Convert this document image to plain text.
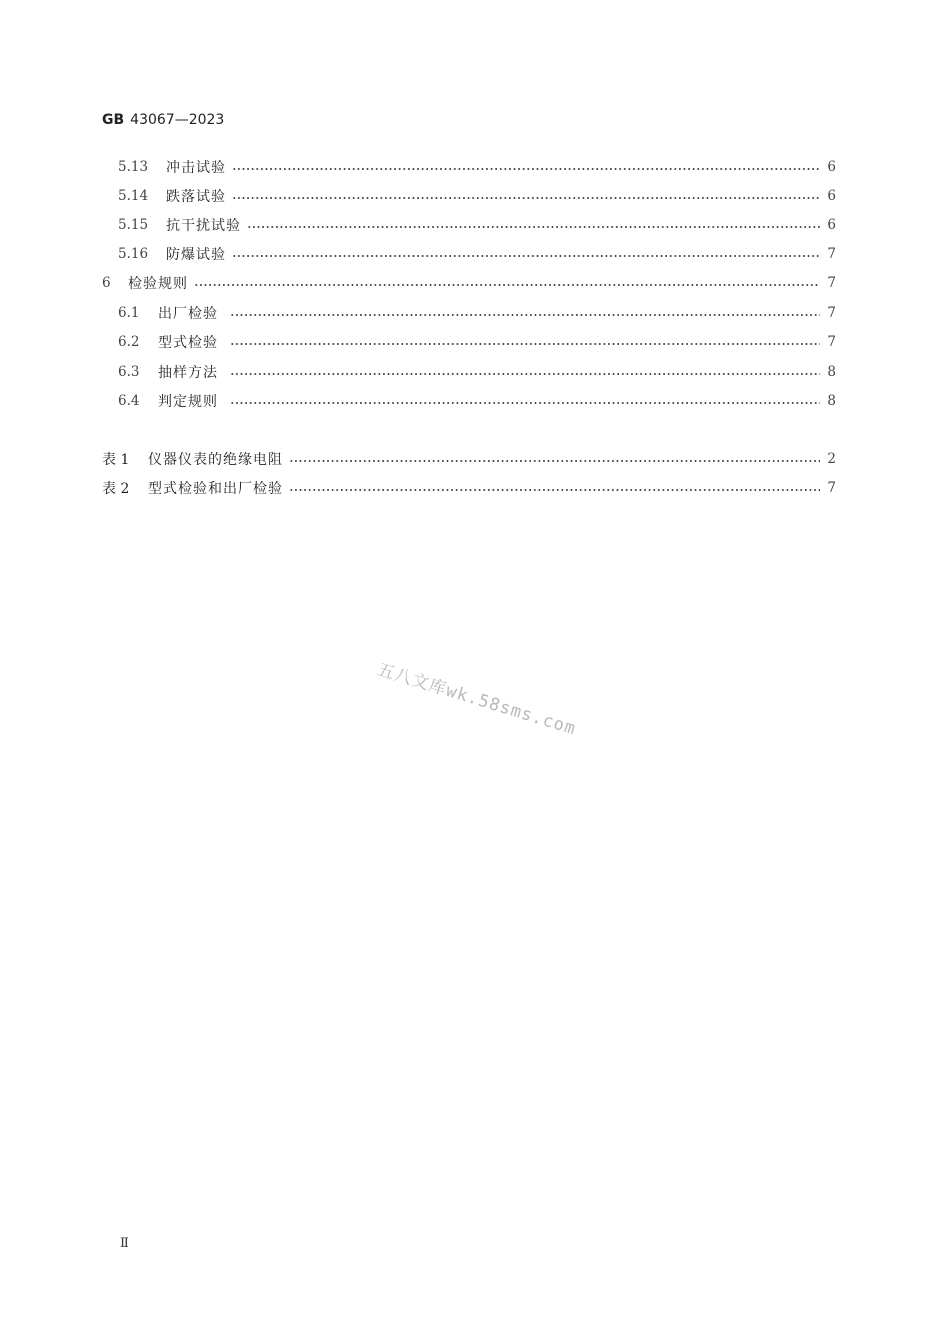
GB 43067—2023
5.13	冲击试验	6
5.14	跌落试验	6
5.15	抗干扰试验	6
5.16	防爆试验	7
6	检验规则	7
6.1	出厂检验	7
6.2	型式检验	7
6.3	抽样方法	8
6.4	判定规则	8
表 1	仪器仪表的绝缘电阻	2
表 2	型式检验和出厂检验	7
五八文库wk.58sms.com
Ⅱ
